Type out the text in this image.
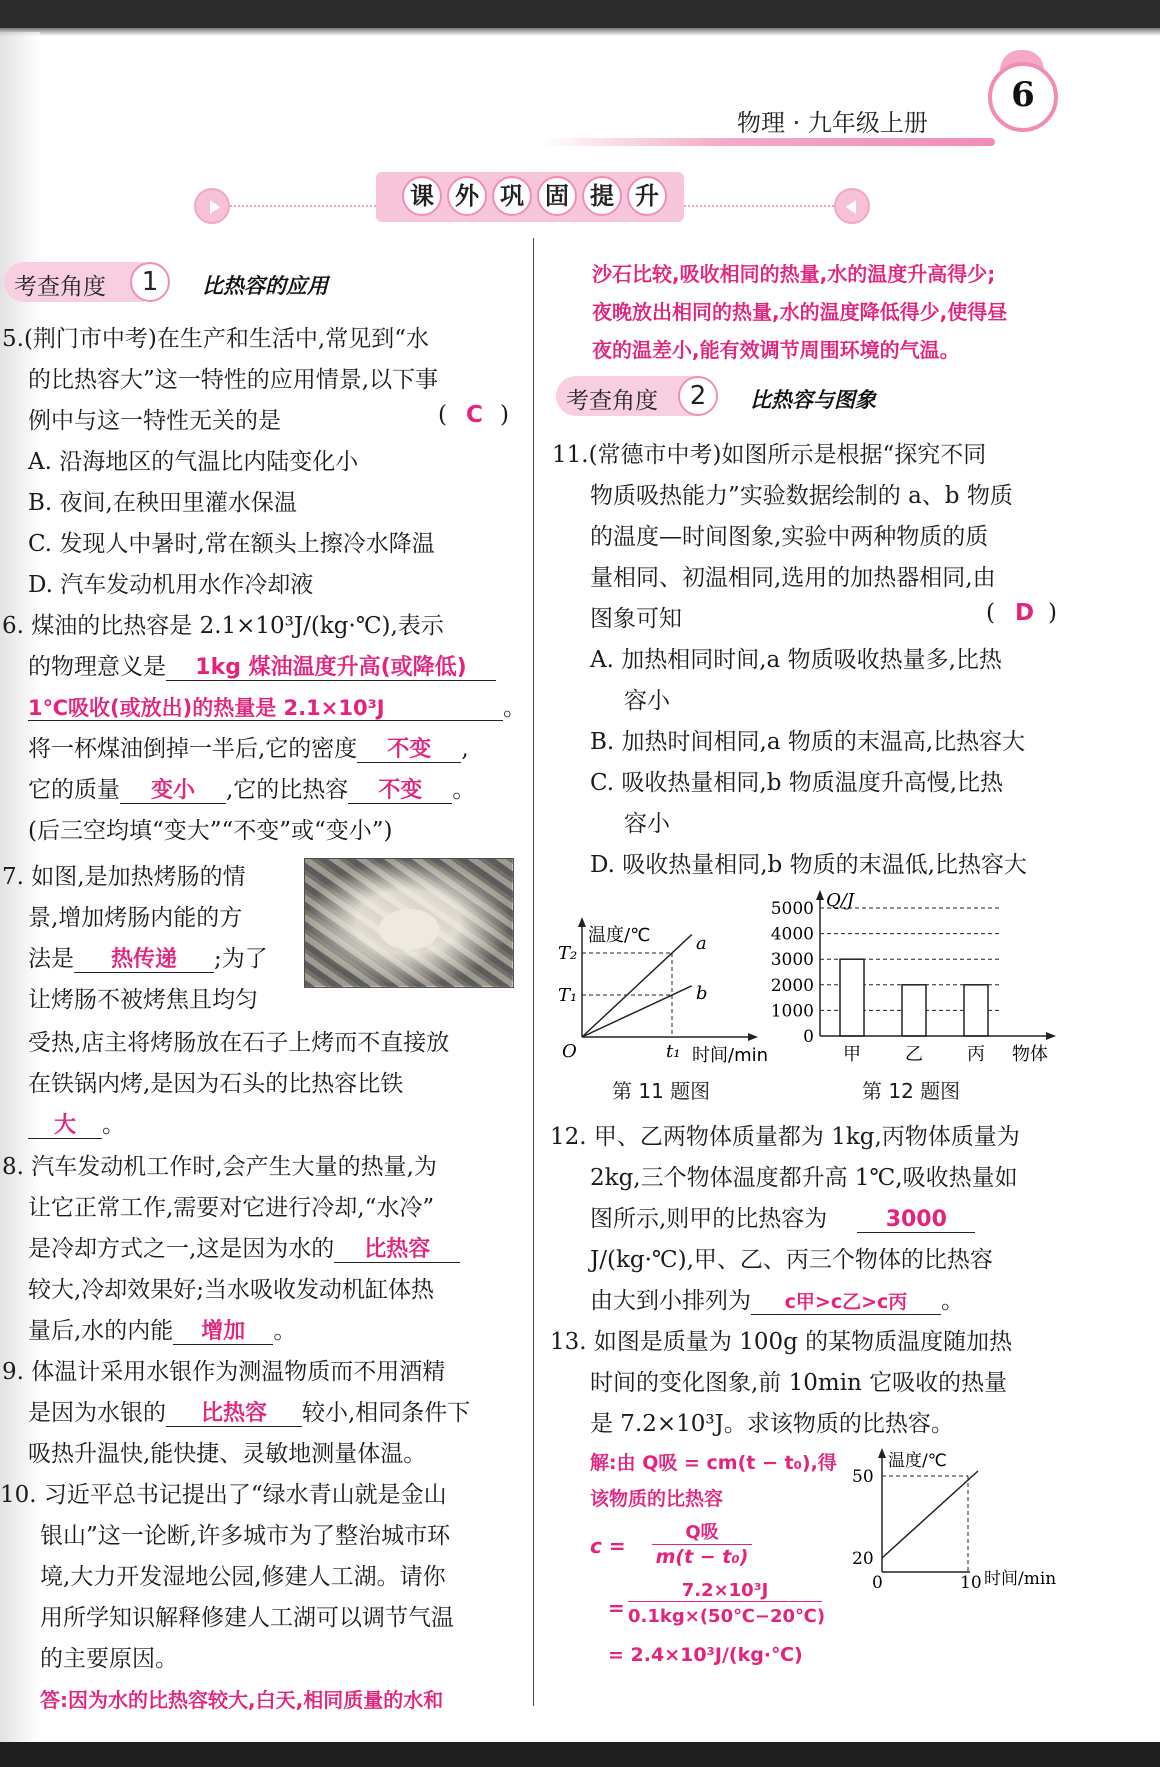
物理 · 九年级上册
6
课 外 巩 固 提 升
考查角度	1	比热容的应用
5.(荆门市中考)在生产和生活中,常见到“水
的比热容大”这一特性的应用情景,以下事
例中与这一特性无关的是	( C )
A. 沿海地区的气温比内陆变化小
B. 夜间,在秧田里灌水保温
C. 发现人中暑时,常在额头上擦冷水降温
D. 汽车发动机用水作冷却液
6. 煤油的比热容是 2.1×10³J/(kg·℃),表示
的物理意义是 1kg 煤油温度升高(或降低)
1℃吸收(或放出)的热量是 2.1×10³J	。
将一杯煤油倒掉一半后,它的密度 不变 ,
它的质量 变小 ,它的比热容 不变 。
(后三空均填“变大”“不变”或“变小”)
7. 如图,是加热烤肠的情
景,增加烤肠内能的方
法是 热传递 ;为了
让烤肠不被烤焦且均匀
受热,店主将烤肠放在石子上烤而不直接放
在铁锅内烤,是因为石头的比热容比铁
大 。
8. 汽车发动机工作时,会产生大量的热量,为
让它正常工作,需要对它进行冷却,“水冷”
是冷却方式之一,这是因为水的 比热容
较大,冷却效果好;当水吸收发动机缸体热
量后,水的内能 增加 。
9. 体温计采用水银作为测温物质而不用酒精
是因为水银的 比热容 较小,相同条件下
吸热升温快,能快捷、灵敏地测量体温。
10. 习近平总书记提出了“绿水青山就是金山
银山”这一论断,许多城市为了整治城市环
境,大力开发湿地公园,修建人工湖。请你
用所学知识解释修建人工湖可以调节气温
的主要原因。
答:因为水的比热容较大,白天,相同质量的水和
沙石比较,吸收相同的热量,水的温度升高得少;
夜晚放出相同的热量,水的温度降低得少,使得昼
夜的温差小,能有效调节周围环境的气温。
考查角度	2	比热容与图象
11.(常德市中考)如图所示是根据“探究不同
物质吸热能力”实验数据绘制的 a、b 物质
的温度—时间图象,实验中两种物质的质
量相同、初温相同,选用的加热器相同,由
图象可知	( D )
A. 加热相同时间,a 物质吸收热量多,比热
容小
B. 加热时间相同,a 物质的末温高,比热容大
C. 吸收热量相同,b 物质温度升高慢,比热
容小
D. 吸收热量相同,b 物质的末温低,比热容大
温度/℃
时间/min
O	t₁
T₂
T₁
a
b
第 11 题图
0
1000
2000
3000
4000
5000
甲 乙 丙
Q/J
物体
第 12 题图
12. 甲、乙两物体质量都为 1kg,丙物体质量为
2kg,三个物体温度都升高 1℃,吸收热量如
图所示,则甲的比热容为	3000
J/(kg·℃),甲、乙、丙三个物体的比热容
由大到小排列为 c甲>c乙>c丙 。
13. 如图是质量为 100g 的某物质温度随加热
时间的变化图象,前 10min 它吸收的热量
是 7.2×10³J。求该物质的比热容。
解:由 Q吸 = cm(t − t₀),得
该物质的比热容
c =
Q吸
m(t − t₀)
=
7.2×10³J
0.1kg×(50℃−20℃)
= 2.4×10³J/(kg·℃)
温度/℃
时间/min
0	10
50
20
